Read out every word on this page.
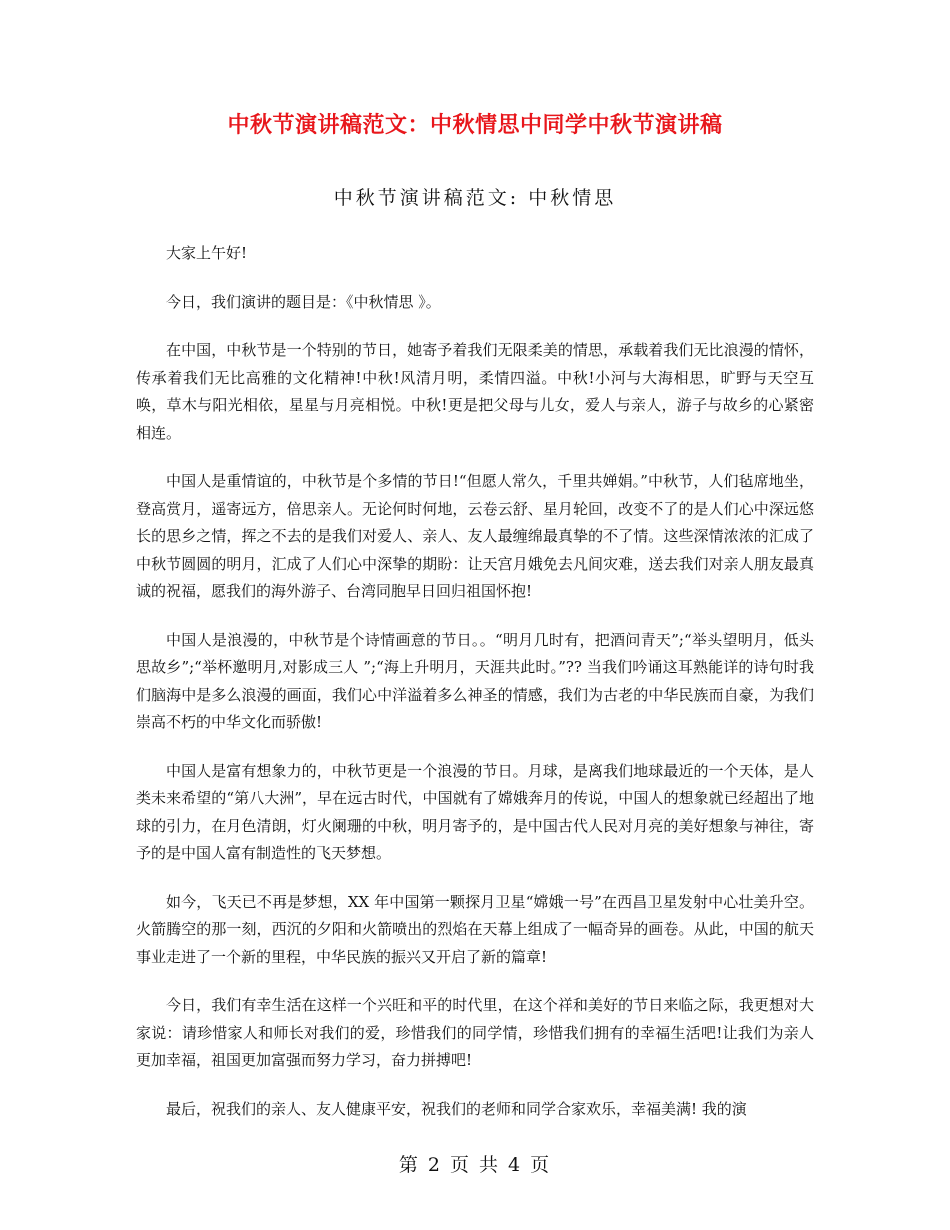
中秋节演讲稿范文：中秋情思中同学中秋节演讲稿
中秋节演讲稿范文: 中秋情思

大家上午好!

今日，我们演讲的题目是：《中秋情思 》。

在中国，中秋节是一个特别的节日，她寄予着我们无限柔美的情思，承载着我们无比浪漫的情怀，传承着我们无比高雅的文化精神!中秋!风清月明，柔情四溢。中秋!小河与大海相思，旷野与天空互唤，草木与阳光相依，星星与月亮相悦。中秋!更是把父母与儿女，爱人与亲人，游子与故乡的心紧密相连。

中国人是重情谊的，中秋节是个多情的节日!“但愿人常久，千里共婵娟。”中秋节，人们毡席地坐，登高赏月，遥寄远方，倍思亲人。无论何时何地，云卷云舒、星月轮回，改变不了的是人们心中深远悠长的思乡之情，挥之不去的是我们对爱人、亲人、友人最缠绵最真挚的不了情。这些深情浓浓的汇成了中秋节圆圆的明月，汇成了人们心中深挚的期盼：让天宫月娥免去凡间灾难，送去我们对亲人朋友最真诚的祝福，愿我们的海外游子、台湾同胞早日回归祖国怀抱!

中国人是浪漫的，中秋节是个诗情画意的节日。。“明月几时有，把酒问青天”;“举头望明月，低头思故乡”;“举杯邀明月,对影成三人 ”;“海上升明月，天涯共此时。”?? 当我们吟诵这耳熟能详的诗句时我们脑海中是多么浪漫的画面，我们心中洋溢着多么神圣的情感，我们为古老的中华民族而自豪，为我们崇高不朽的中华文化而骄傲!

中国人是富有想象力的，中秋节更是一个浪漫的节日。月球，是离我们地球最近的一个天体，是人类未来希望的“第八大洲”，早在远古时代，中国就有了嫦娥奔月的传说，中国人的想象就已经超出了地球的引力，在月色清朗，灯火阑珊的中秋，明月寄予的，是中国古代人民对月亮的美好想象与神往，寄予的是中国人富有制造性的飞天梦想。

如今，飞天已不再是梦想，XX 年中国第一颗探月卫星“嫦娥一号”在西昌卫星发射中心壮美升空。 火箭腾空的那一刻，西沉的夕阳和火箭喷出的烈焰在天幕上组成了一幅奇异的画卷。从此，中国的航天事业走进了一个新的里程，中华民族的振兴又开启了新的篇章!

今日，我们有幸生活在这样一个兴旺和平的时代里，在这个祥和美好的节日来临之际，我更想对大家说：请珍惜家人和师长对我们的爱，珍惜我们的同学情，珍惜我们拥有的幸福生活吧!让我们为亲人更加幸福，祖国更加富强而努力学习，奋力拼搏吧!

最后，祝我们的亲人、友人健康平安，祝我们的老师和同学合家欢乐，幸福美满! 我的演

第 2 页 共 4 页
